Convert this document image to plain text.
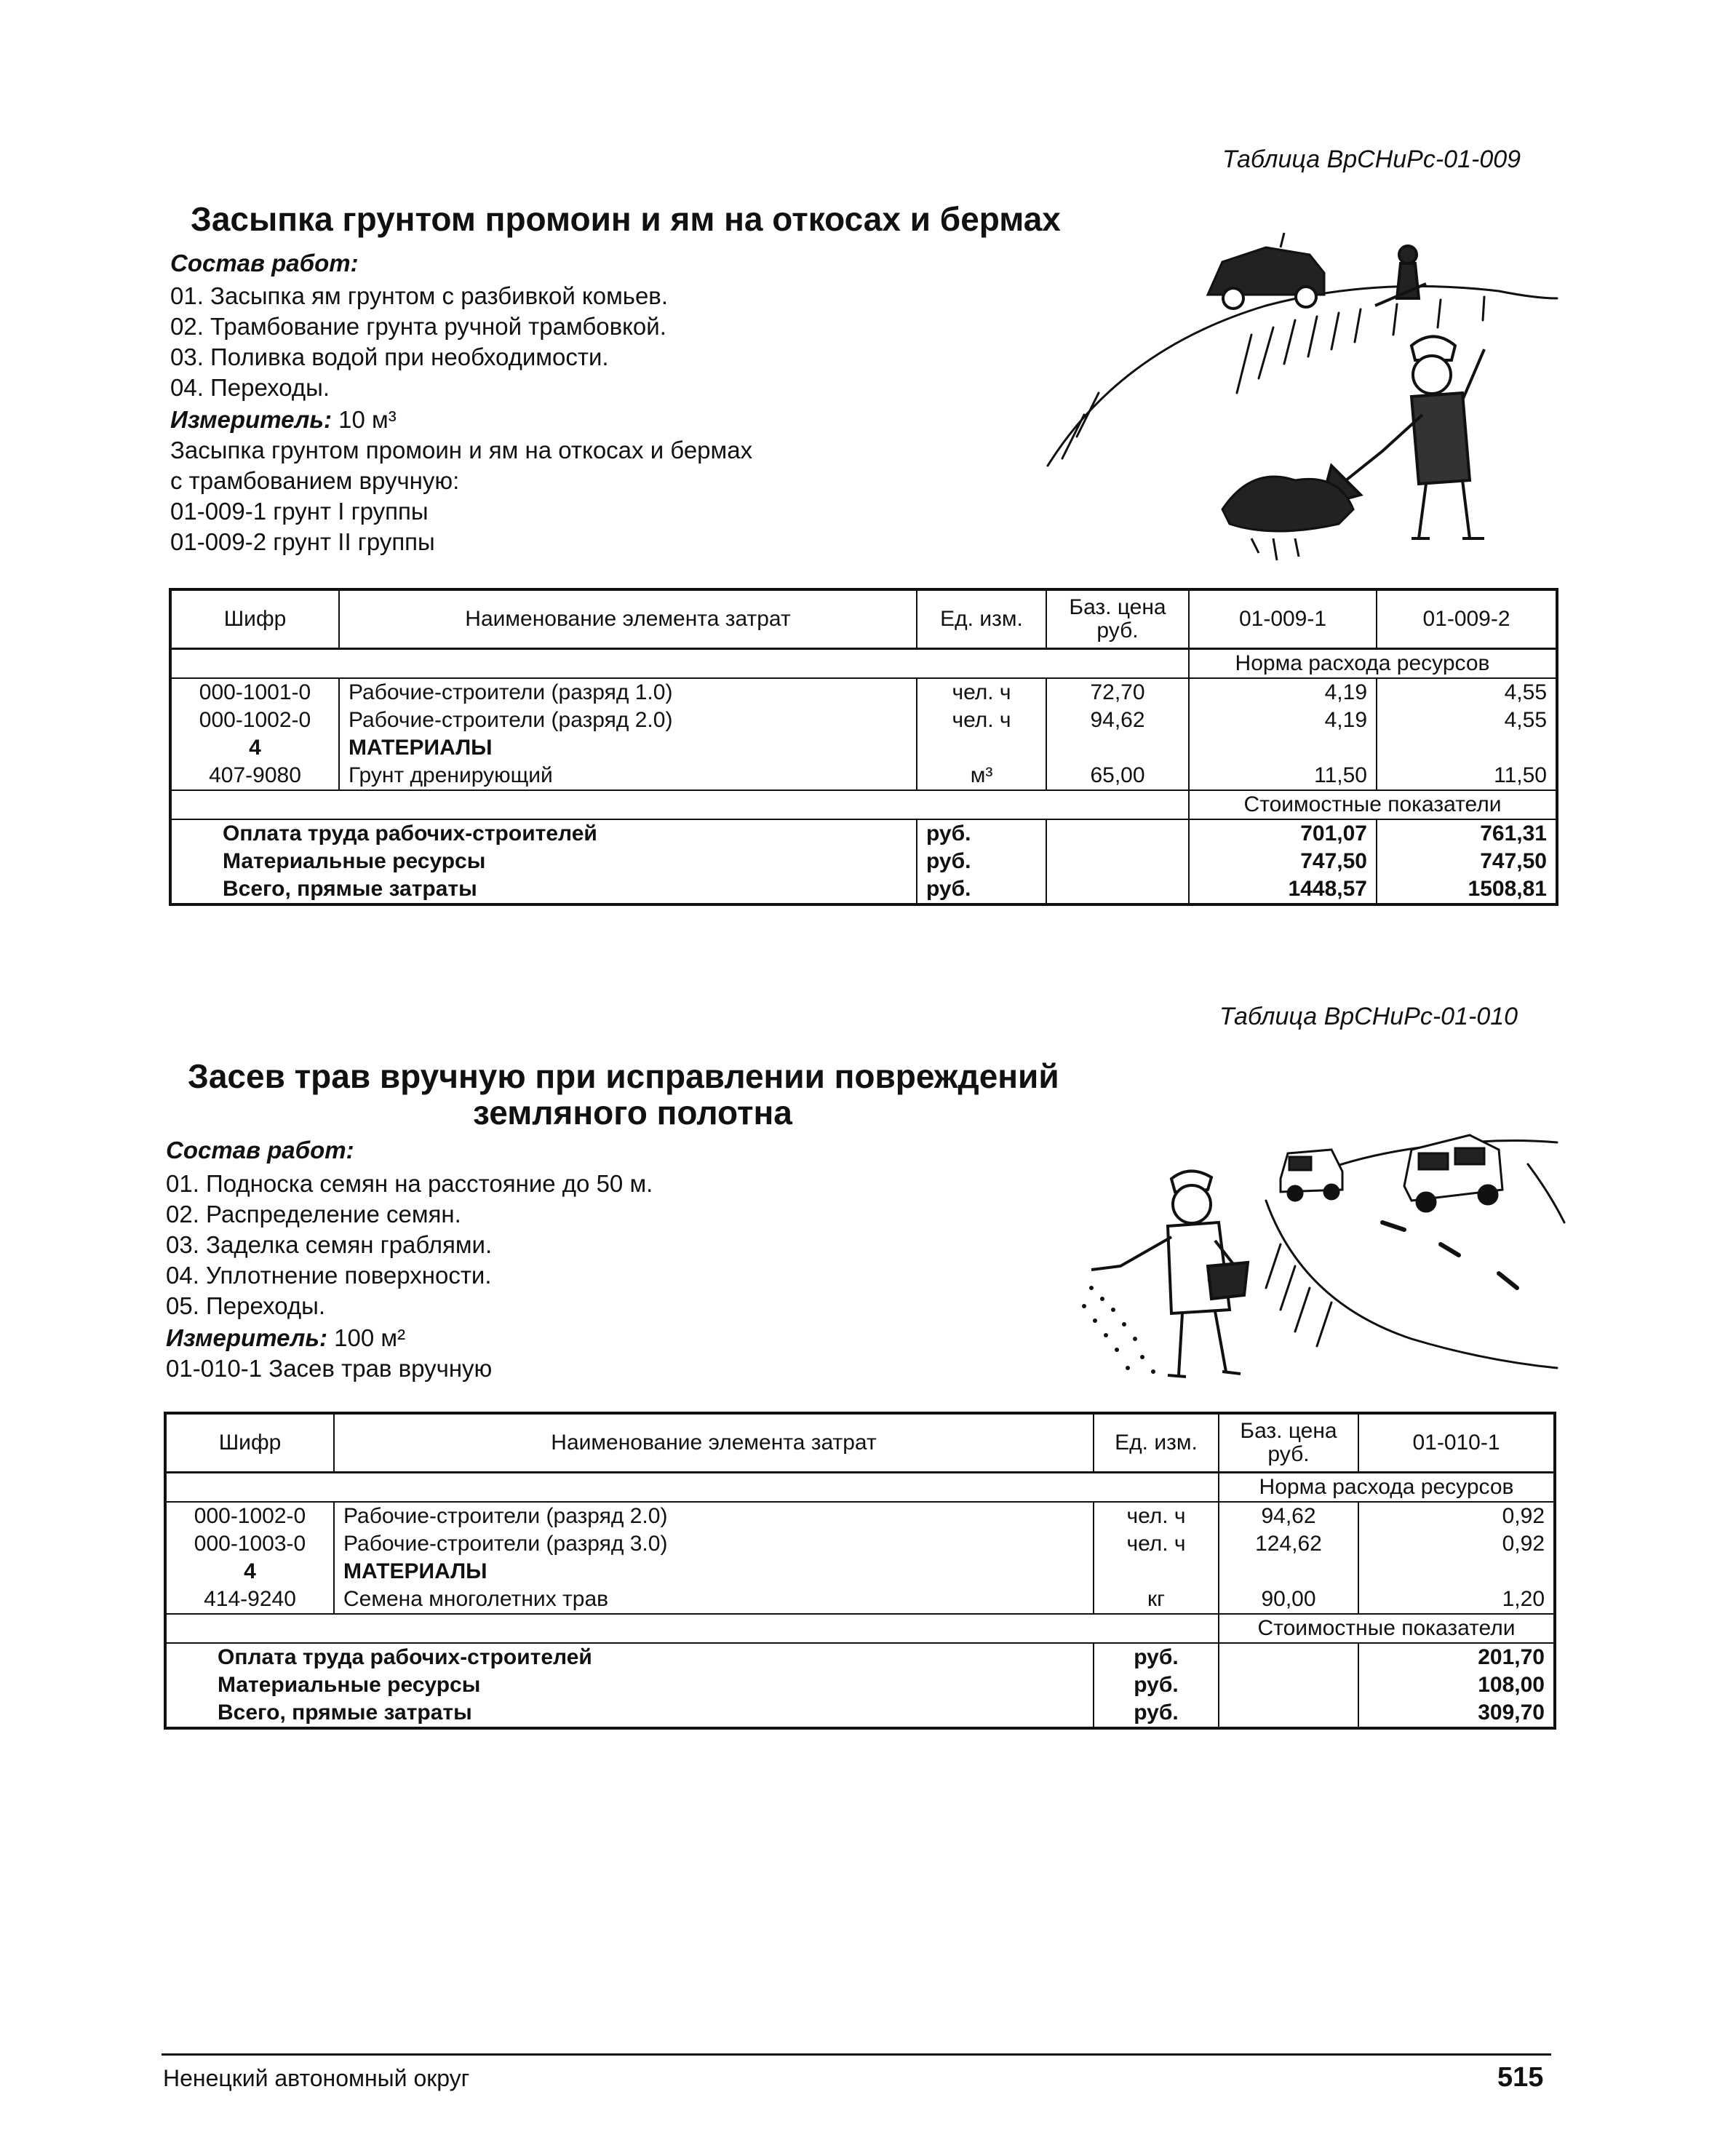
Таблица ВрСНиРс-01-009
Засыпка грунтом промоин и ям на откосах и бермах
Состав работ:
01. Засыпка ям грунтом с разбивкой комьев.
02. Трамбование грунта ручной трамбовкой.
03. Поливка водой при необходимости.
04. Переходы.
Измеритель: 10 м³
Засыпка грунтом промоин и ям на откосах и бермах
с трамбованием вручную:
01-009-1 грунт I группы
01-009-2 грунт II группы
Шифр	Наименование элемента затрат	Ед. изм.	Баз. цена руб.	01-009-1	01-009-2
				Норма расхода ресурсов	
000-1001-0	Рабочие-строители (разряд 1.0)	чел. ч	72,70	4,19	4,55
000-1002-0	Рабочие-строители (разряд 2.0)	чел. ч	94,62	4,19	4,55
4	МАТЕРИАЛЫ				
407-9080	Грунт дренирующий	м³	65,00	11,50	11,50
				Стоимостные показатели	
Оплата труда рабочих-строителей		руб.		701,07	761,31
Материальные ресурсы		руб.		747,50	747,50
Всего, прямые затраты		руб.		1448,57	1508,81
Таблица ВрСНиРс-01-010
Засев трав вручную при исправлении повреждений
земляного полотна
Состав работ:
01. Подноска семян на расстояние до 50 м.
02. Распределение семян.
03. Заделка семян граблями.
04. Уплотнение поверхности.
05. Переходы.
Измеритель: 100 м²
01-010-1 Засев трав вручную
Шифр	Наименование элемента затрат	Ед. изм.	Баз. цена руб.	01-010-1
			Норма расхода ресурсов	
000-1002-0	Рабочие-строители (разряд 2.0)	чел. ч	94,62	0,92
000-1003-0	Рабочие-строители (разряд 3.0)	чел. ч	124,62	0,92
4	МАТЕРИАЛЫ			
414-9240	Семена многолетних трав	кг	90,00	1,20
			Стоимостные показатели	
Оплата труда рабочих-строителей		руб.		201,70
Материальные ресурсы		руб.		108,00
Всего, прямые затраты		руб.		309,70
Ненецкий автономный округ	515
